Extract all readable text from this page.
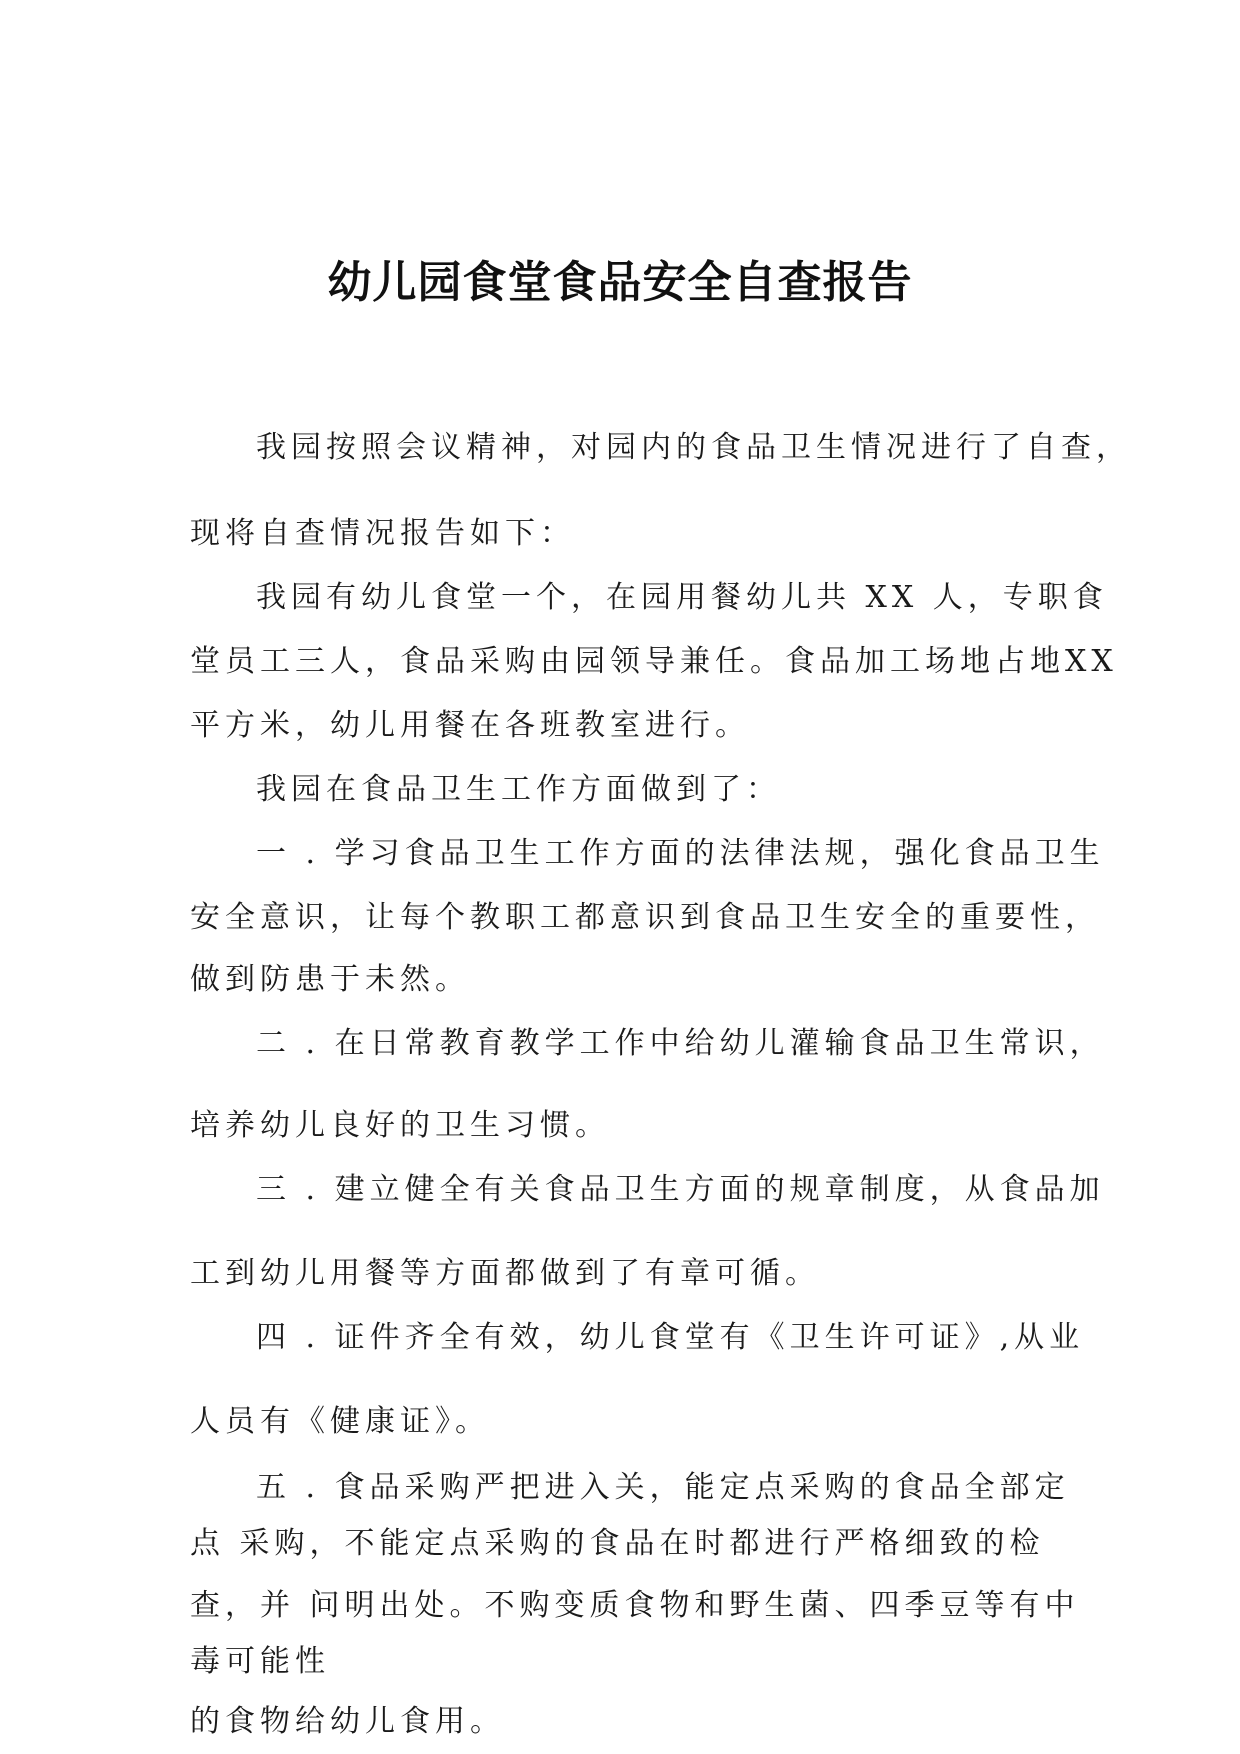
幼儿园食堂食品安全自查报告
我园按照会议精神，对园内的食品卫生情况进行了自查，
现将自查情况报告如下：
我园有幼儿食堂一个，在园用餐幼儿共 XX 人，专职食
堂员工三人，食品采购由园领导兼任。食品加工场地占地XX
平方米，幼儿用餐在各班教室进行。
我园在食品卫生工作方面做到了：
一 . 学习食品卫生工作方面的法律法规，强化食品卫生
安全意识，让每个教职工都意识到食品卫生安全的重要性，
做到防患于未然。
二 . 在日常教育教学工作中给幼儿灌输食品卫生常识，
培养幼儿良好的卫生习惯。
三 . 建立健全有关食品卫生方面的规章制度，从食品加
工到幼儿用餐等方面都做到了有章可循。
四 . 证件齐全有效，幼儿食堂有《卫生许可证》,从业
人员有《健康证》。
五 . 食品采购严把进入关，能定点采购的食品全部定
点 采购，不能定点采购的食品在时都进行严格细致的检
查，并 问明出处。不购变质食物和野生菌、四季豆等有中
毒可能性
的食物给幼儿食用。
